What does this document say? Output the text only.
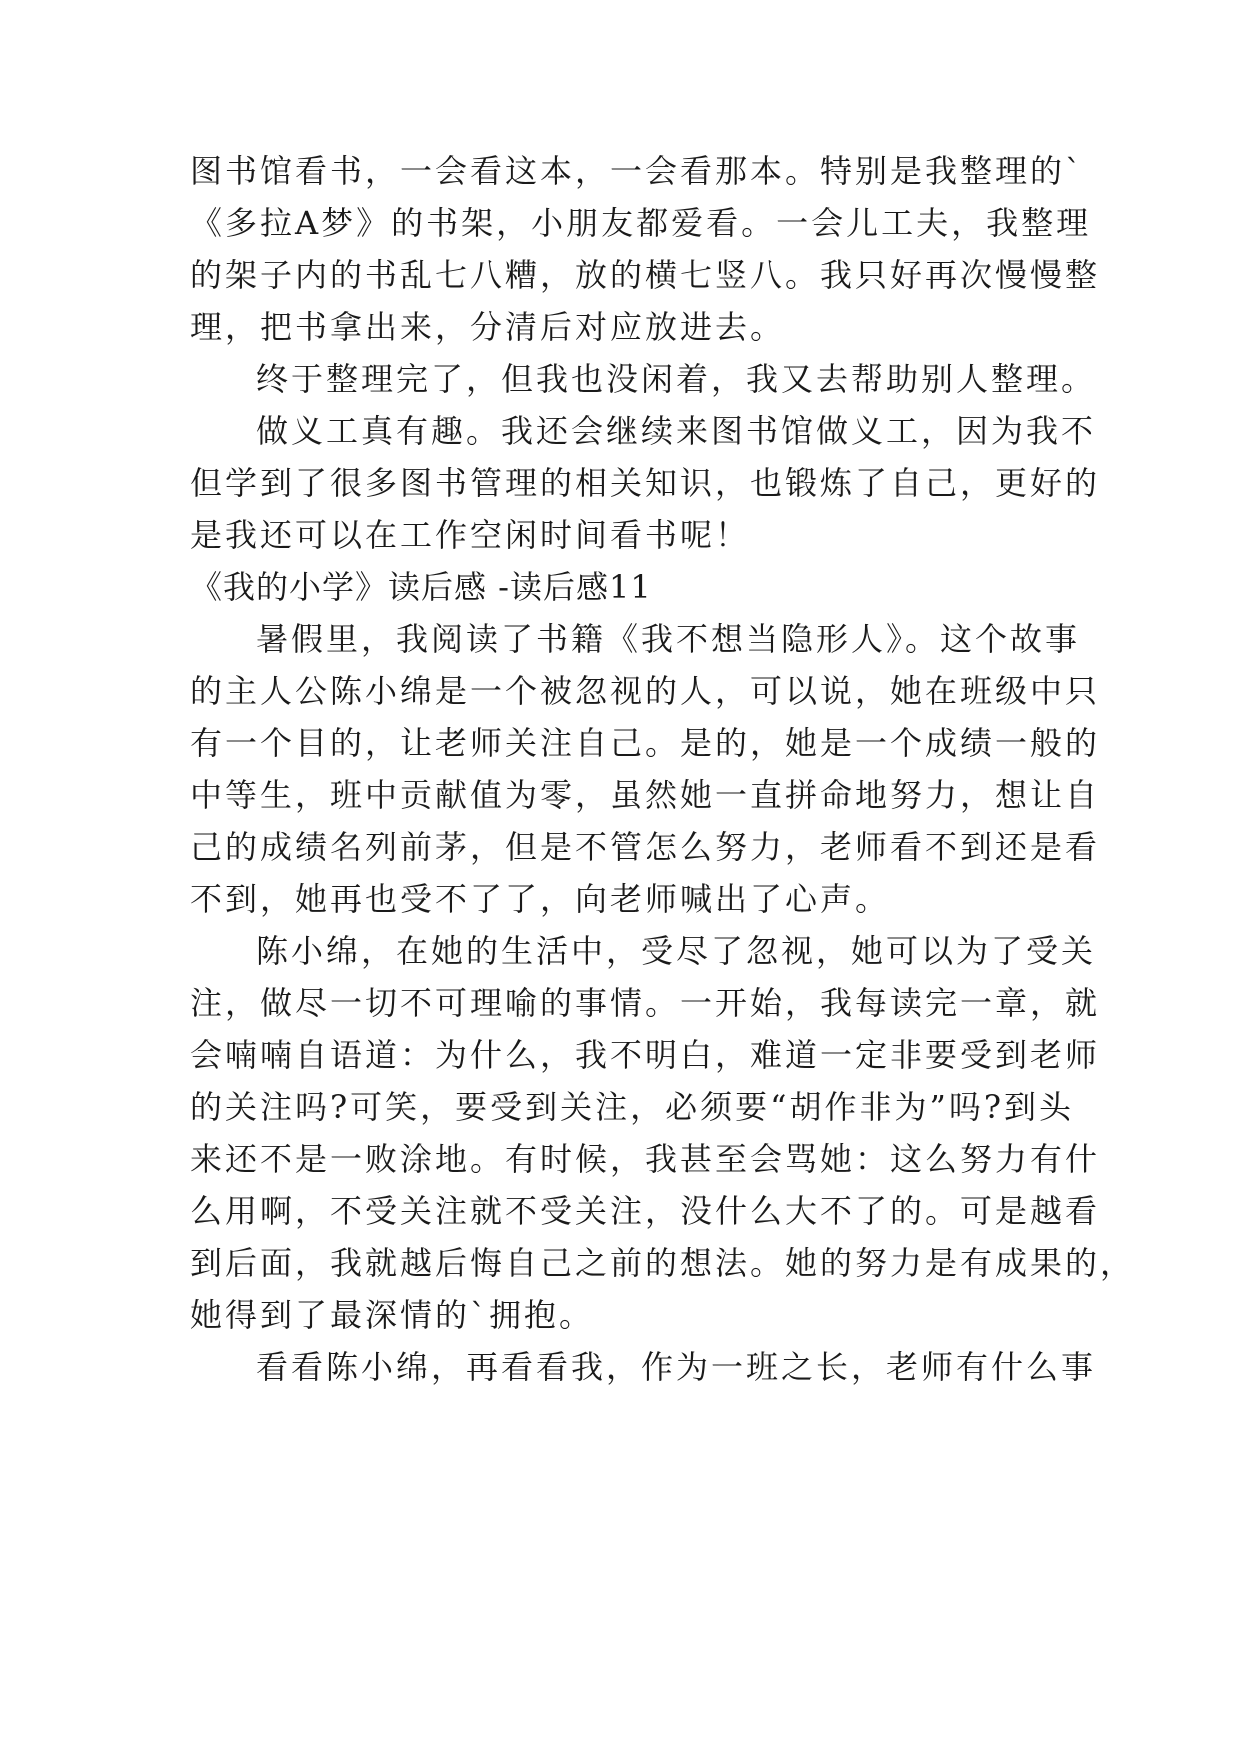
图书馆看书，一会看这本，一会看那本。特别是我整理的`
《多拉A梦》的书架，小朋友都爱看。一会儿工夫，我整理
的架子内的书乱七八糟，放的横七竖八。我只好再次慢慢整
理，把书拿出来，分清后对应放进去。
终于整理完了，但我也没闲着，我又去帮助别人整理。
做义工真有趣。我还会继续来图书馆做义工，因为我不
但学到了很多图书管理的相关知识，也锻炼了自己，更好的
是我还可以在工作空闲时间看书呢！
《我的小学》读后感 -读后感11
暑假里，我阅读了书籍《我不想当隐形人》。这个故事
的主人公陈小绵是一个被忽视的人，可以说，她在班级中只
有一个目的，让老师关注自己。是的，她是一个成绩一般的
中等生，班中贡献值为零，虽然她一直拼命地努力，想让自
己的成绩名列前茅，但是不管怎么努力，老师看不到还是看
不到，她再也受不了了，向老师喊出了心声。
陈小绵，在她的生活中，受尽了忽视，她可以为了受关
注，做尽一切不可理喻的事情。一开始，我每读完一章，就
会喃喃自语道：为什么，我不明白，难道一定非要受到老师
的关注吗?可笑，要受到关注，必须要“胡作非为”吗?到头
来还不是一败涂地。有时候，我甚至会骂她：这么努力有什
么用啊，不受关注就不受关注，没什么大不了的。可是越看
到后面，我就越后悔自己之前的想法。她的努力是有成果的，
她得到了最深情的`拥抱。
看看陈小绵，再看看我，作为一班之长，老师有什么事
